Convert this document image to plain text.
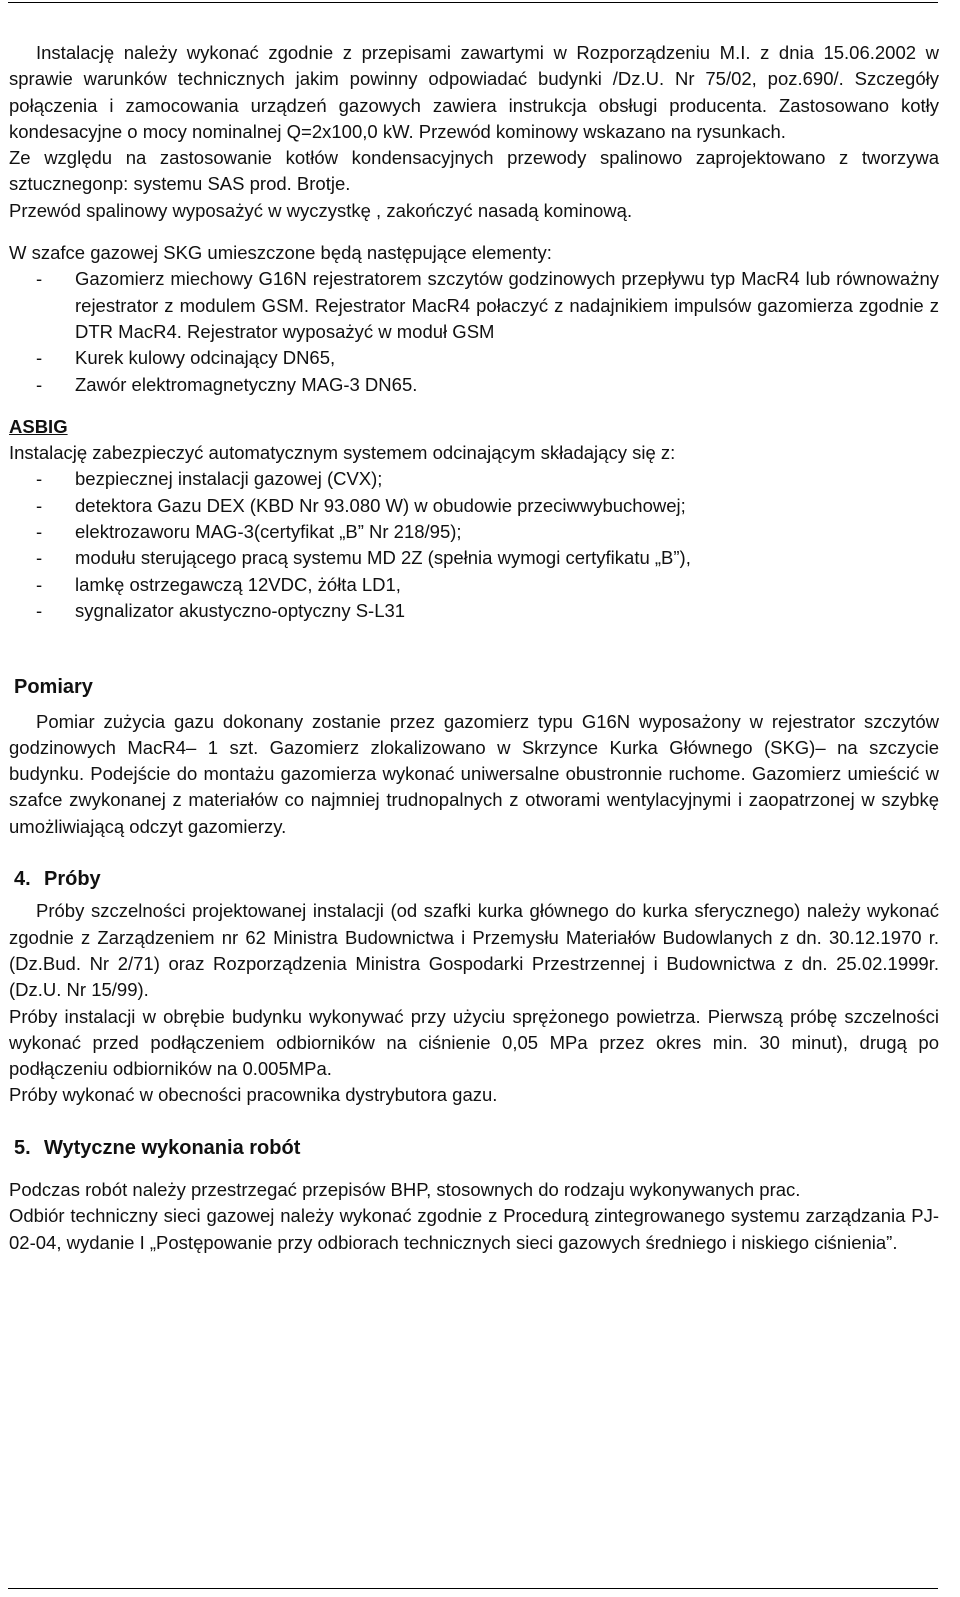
Instalację należy wykonać zgodnie z przepisami zawartymi w Rozporządzeniu M.I. z dnia 15.06.2002 w sprawie warunków technicznych jakim powinny odpowiadać budynki /Dz.U. Nr 75/02, poz.690/. Szczegóły połączenia i zamocowania urządzeń gazowych zawiera instrukcja obsługi producenta. Zastosowano kotły kondesacyjne o mocy nominalnej Q=2x100,0 kW. Przewód kominowy wskazano na rysunkach.

Ze względu na zastosowanie kotłów kondensacyjnych przewody spalinowo zaprojektowano z tworzywa sztucznegonp: systemu SAS prod. Brotje.

Przewód spalinowy wyposażyć w wyczystkę , zakończyć nasadą kominową.

W szafce gazowej SKG umieszczone będą następujące elementy:

- Gazomierz miechowy G16N rejestratorem szczytów godzinowych przepływu typ MacR4 lub równoważny rejestrator z modulem GSM. Rejestrator MacR4 połaczyć z nadajnikiem impulsów gazomierza zgodnie z DTR MacR4. Rejestrator wyposażyć w moduł GSM
- Kurek kulowy odcinający DN65,
- Zawór elektromagnetyczny MAG-3 DN65.

ASBIG

Instalację zabezpieczyć automatycznym systemem odcinającym składający się z:

- bezpiecznej instalacji gazowej (CVX);
- detektora Gazu DEX (KBD Nr 93.080 W) w obudowie przeciwwybuchowej;
- elektrozaworu MAG-3(certyfikat „B” Nr 218/95);
- modułu sterującego pracą systemu MD 2Z (spełnia wymogi certyfikatu „B”),
- lamkę ostrzegawczą 12VDC, żółta LD1,
- sygnalizator akustyczno-optyczny S-L31

Pomiary

Pomiar zużycia gazu dokonany zostanie przez gazomierz typu G16N wyposażony w rejestrator szczytów godzinowych MacR4– 1 szt. Gazomierz zlokalizowano w Skrzynce Kurka Głównego (SKG)– na szczycie budynku. Podejście do montażu gazomierza wykonać uniwersalne obustronnie ruchome. Gazomierz umieścić w szafce zwykonanej z materiałów co najmniej trudnopalnych z otworami wentylacyjnymi i zaopatrzonej w szybkę umożliwiającą odczyt gazomierzy.

4. Próby

Próby szczelności projektowanej instalacji (od szafki kurka głównego do kurka sferycznego) należy wykonać zgodnie z Zarządzeniem nr 62 Ministra Budownictwa i Przemysłu Materiałów Budowlanych z dn. 30.12.1970 r. (Dz.Bud. Nr 2/71) oraz Rozporządzenia Ministra Gospodarki Przestrzennej i Budownictwa z dn. 25.02.1999r. (Dz.U. Nr 15/99).

Próby instalacji w obrębie budynku wykonywać przy użyciu sprężonego powietrza. Pierwszą próbę szczelności wykonać przed podłączeniem odbiorników na ciśnienie 0,05 MPa przez okres min. 30 minut), drugą po podłączeniu odbiorników na 0.005MPa.

Próby wykonać w obecności pracownika dystrybutora gazu.

5. Wytyczne wykonania robót

Podczas robót należy przestrzegać przepisów BHP, stosownych do rodzaju wykonywanych prac.

Odbiór techniczny sieci gazowej należy wykonać zgodnie z Procedurą zintegrowanego systemu zarządzania PJ-02-04, wydanie I „Postępowanie przy odbiorach technicznych sieci gazowych średniego i niskiego ciśnienia”.
